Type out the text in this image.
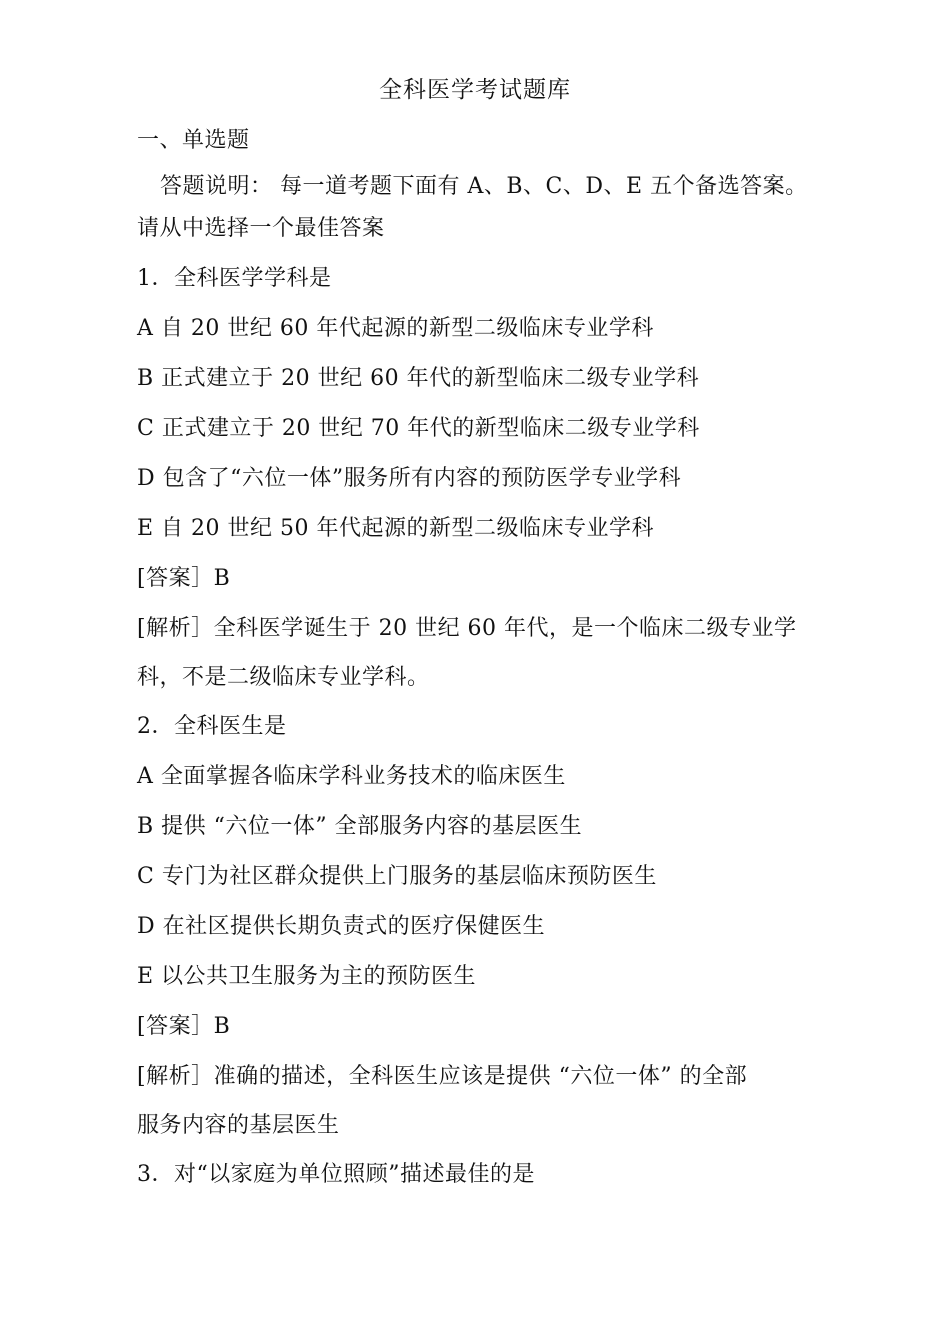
全科医学考试题库
一、单选题
答题说明： 每一道考题下面有 A、B、C、D、E 五个备选答案。
请从中选择一个最佳答案
1．全科医学学科是
A 自 20 世纪 60 年代起源的新型二级临床专业学科
B 正式建立于 20 世纪 60 年代的新型临床二级专业学科
C 正式建立于 20 世纪 70 年代的新型临床二级专业学科
D 包含了“六位一体”服务所有内容的预防医学专业学科
E 自 20 世纪 50 年代起源的新型二级临床专业学科
[答案］B
[解析］全科医学诞生于 20 世纪 60 年代，是一个临床二级专业学
科，不是二级临床专业学科。
2．全科医生是
A 全面掌握各临床学科业务技术的临床医生
B 提供 “六位一体” 全部服务内容的基层医生
C 专门为社区群众提供上门服务的基层临床预防医生
D 在社区提供长期负责式的医疗保健医生
E 以公共卫生服务为主的预防医生
[答案］B
[解析］准确的描述，全科医生应该是提供 “六位一体” 的全部
服务内容的基层医生
3．对“以家庭为单位照顾”描述最佳的是
